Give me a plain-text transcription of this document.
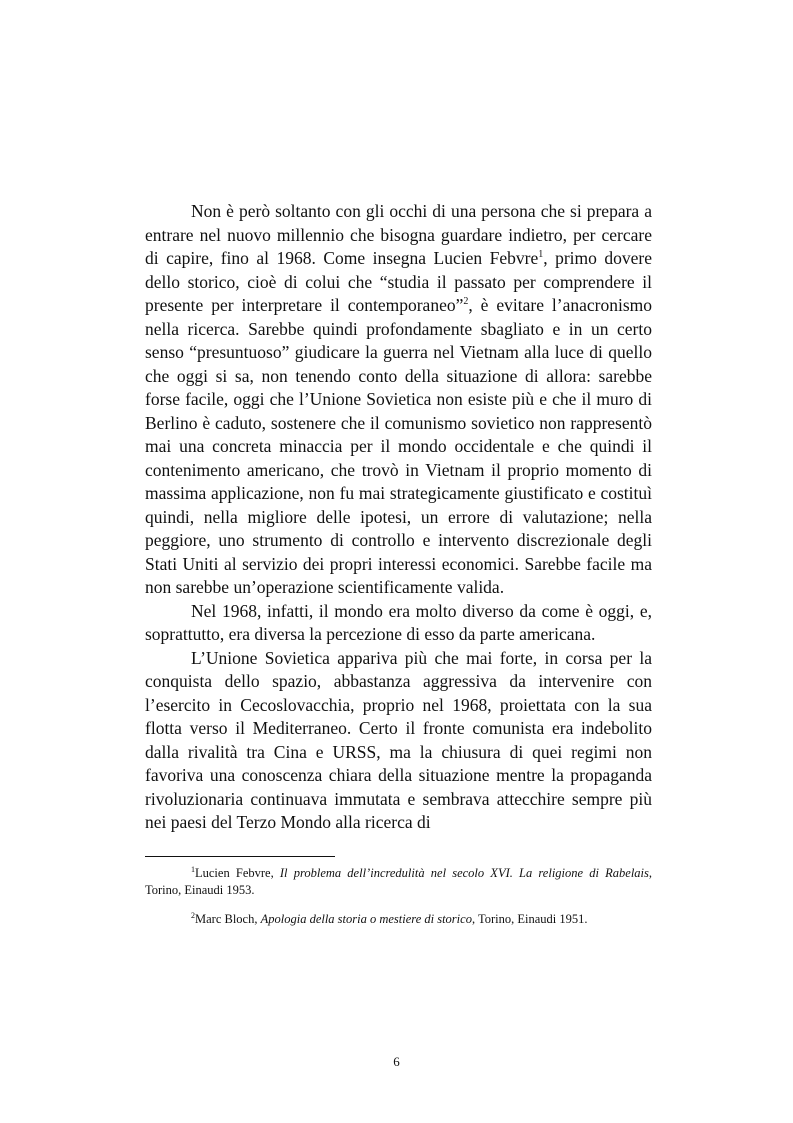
Non è però soltanto con gli occhi di una persona che si prepara a entrare nel nuovo millennio che bisogna guardare indietro, per cercare di capire, fino al 1968. Come insegna Lucien Febvre$^1$, primo dovere dello storico, cioè di colui che “studia il passato per comprendere il presente per interpretare il contemporaneo”$^2$, è evitare l’anacronismo nella ricerca. Sarebbe quindi profondamente sbagliato e in un certo senso “presuntuoso” giudicare la guerra nel Vietnam alla luce di quello che oggi si sa, non tenendo conto della situazione di allora: sarebbe forse facile, oggi che l’Unione Sovietica non esiste più e che il muro di Berlino è caduto, sostenere che il comunismo sovietico non rappresentò mai una concreta minaccia per il mondo occidentale e che quindi il contenimento americano, che trovò in Vietnam il proprio momento di massima applicazione, non fu mai strategicamente giustificato e costituì quindi, nella migliore delle ipotesi, un errore di valutazione; nella peggiore, uno strumento di controllo e intervento discrezionale degli Stati Uniti al servizio dei propri interessi economici. Sarebbe facile ma non sarebbe un’operazione scientificamente valida.

Nel 1968, infatti, il mondo era molto diverso da come è oggi, e, soprattutto, era diversa la percezione di esso da parte americana.

L’Unione Sovietica appariva più che mai forte, in corsa per la conquista dello spazio, abbastanza aggressiva da intervenire con l’esercito in Cecoslovacchia, proprio nel 1968, proiettata con la sua flotta verso il Mediterraneo. Certo il fronte comunista era indebolito dalla rivalità tra Cina e URSS, ma la chiusura di quei regimi non favoriva una conoscenza chiara della situazione mentre la propaganda rivoluzionaria continuava immutata e sembrava attecchire sempre più nei paesi del Terzo Mondo alla ricerca di

$^1$Lucien Febvre, Il problema dell’incredulità nel secolo XVI. La religione di Rabelais, Torino, Einaudi 1953.

$^2$Marc Bloch, Apologia della storia o mestiere di storico, Torino, Einaudi 1951.

6
